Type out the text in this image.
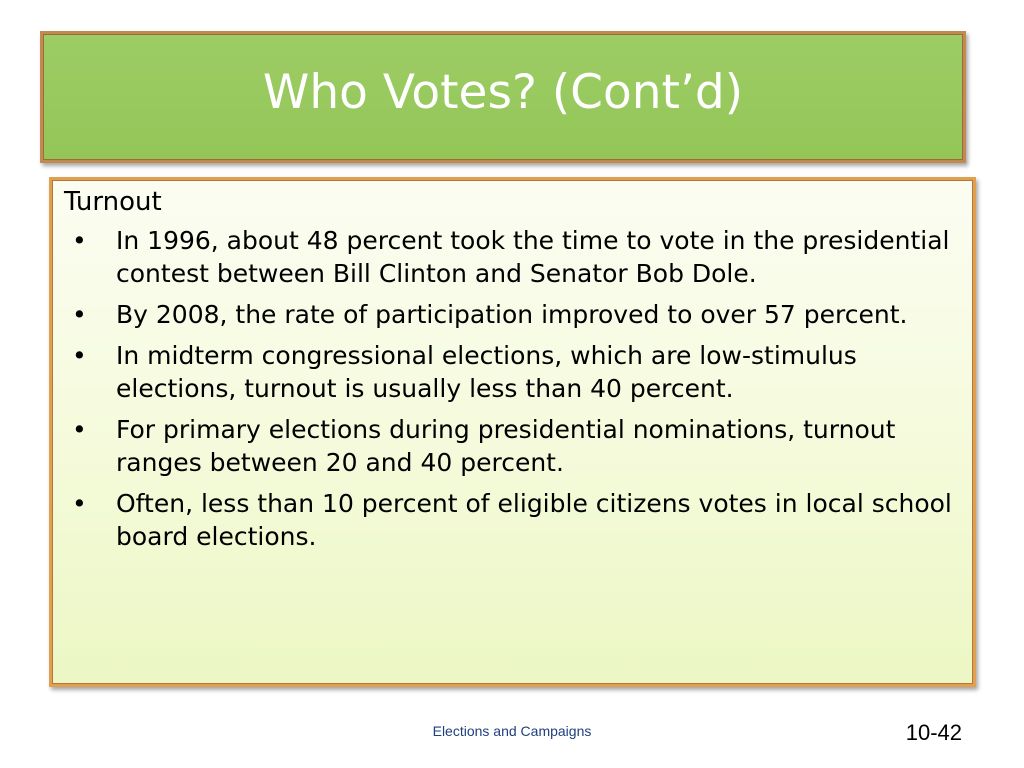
Who Votes? (Cont’d)
Turnout
• In 1996, about 48 percent took the time to vote in the presidential contest between Bill Clinton and Senator Bob Dole.
• By 2008, the rate of participation improved to over 57 percent.
• In midterm congressional elections, which are low-stimulus elections, turnout is usually less than 40 percent.
• For primary elections during presidential nominations, turnout ranges between 20 and 40 percent.
• Often, less than 10 percent of eligible citizens votes in local school board elections.
Elections and Campaigns	10-42
